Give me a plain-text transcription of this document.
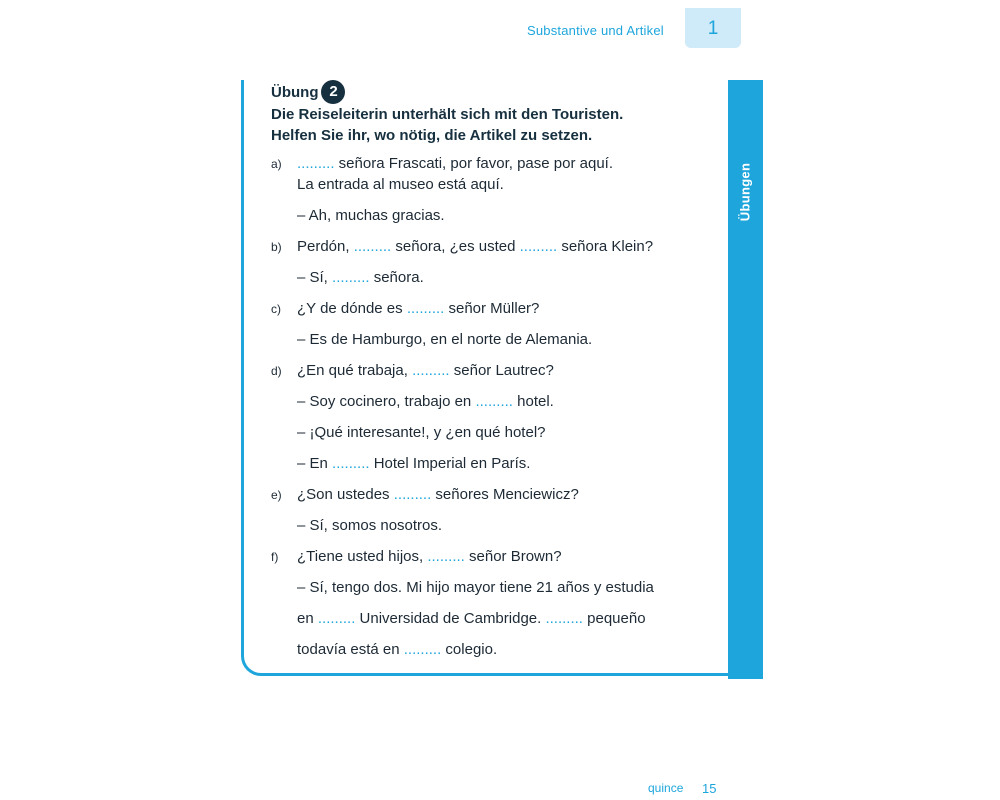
Substantive und Artikel	1
Übungen
Übung 2
Die Reiseleiterin unterhält sich mit den Touristen.
Helfen Sie ihr, wo nötig, die Artikel zu setzen.
a) ......... señora Frascati, por favor, pase por aquí.
La entrada al museo está aquí.
– Ah, muchas gracias.
b) Perdón, ......... señora, ¿es usted ......... señora Klein?
– Sí, ......... señora.
c) ¿Y de dónde es ......... señor Müller?
– Es de Hamburgo, en el norte de Alemania.
d) ¿En qué trabaja, ......... señor Lautrec?
– Soy cocinero, trabajo en ......... hotel.
– ¡Qué interesante!, y ¿en qué hotel?
– En ......... Hotel Imperial en París.
e) ¿Son ustedes ......... señores Menciewicz?
– Sí, somos nosotros.
f) ¿Tiene usted hijos, ......... señor Brown?
– Sí, tengo dos. Mi hijo mayor tiene 21 años y estudia
en ......... Universidad de Cambridge. ......... pequeño
todavía está en ......... colegio.
quince 15
